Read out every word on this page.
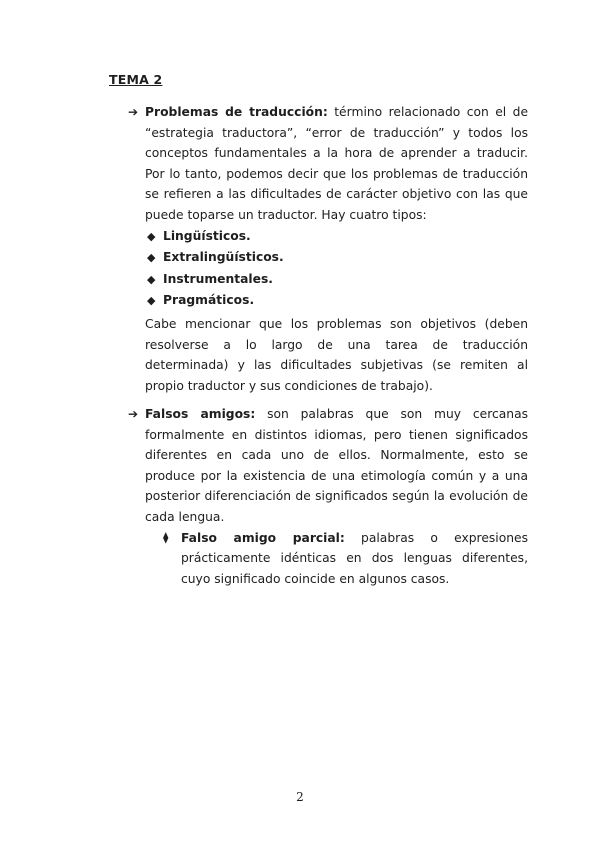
TEMA 2
➔ Problemas de traducción: término relacionado con el de “estrategia traductora”, “error de traducción” y todos los conceptos fundamentales a la hora de aprender a traducir. Por lo tanto, podemos decir que los problemas de traducción se refieren a las dificultades de carácter objetivo con las que puede toparse un traductor. Hay cuatro tipos:
◆ Lingüísticos.
◆ Extralingüísticos.
◆ Instrumentales.
◆ Pragmáticos.
Cabe mencionar que los problemas son objetivos (deben resolverse a lo largo de una tarea de traducción determinada) y las dificultades subjetivas (se remiten al propio traductor y sus condiciones de trabajo).
➔ Falsos amigos: son palabras que son muy cercanas formalmente en distintos idiomas, pero tienen significados diferentes en cada uno de ellos. Normalmente, esto se produce por la existencia de una etimología común y a una posterior diferenciación de significados según la evolución de cada lengua.
⧫ Falso amigo parcial: palabras o expresiones prácticamente idénticas en dos lenguas diferentes, cuyo significado coincide en algunos casos.
2
